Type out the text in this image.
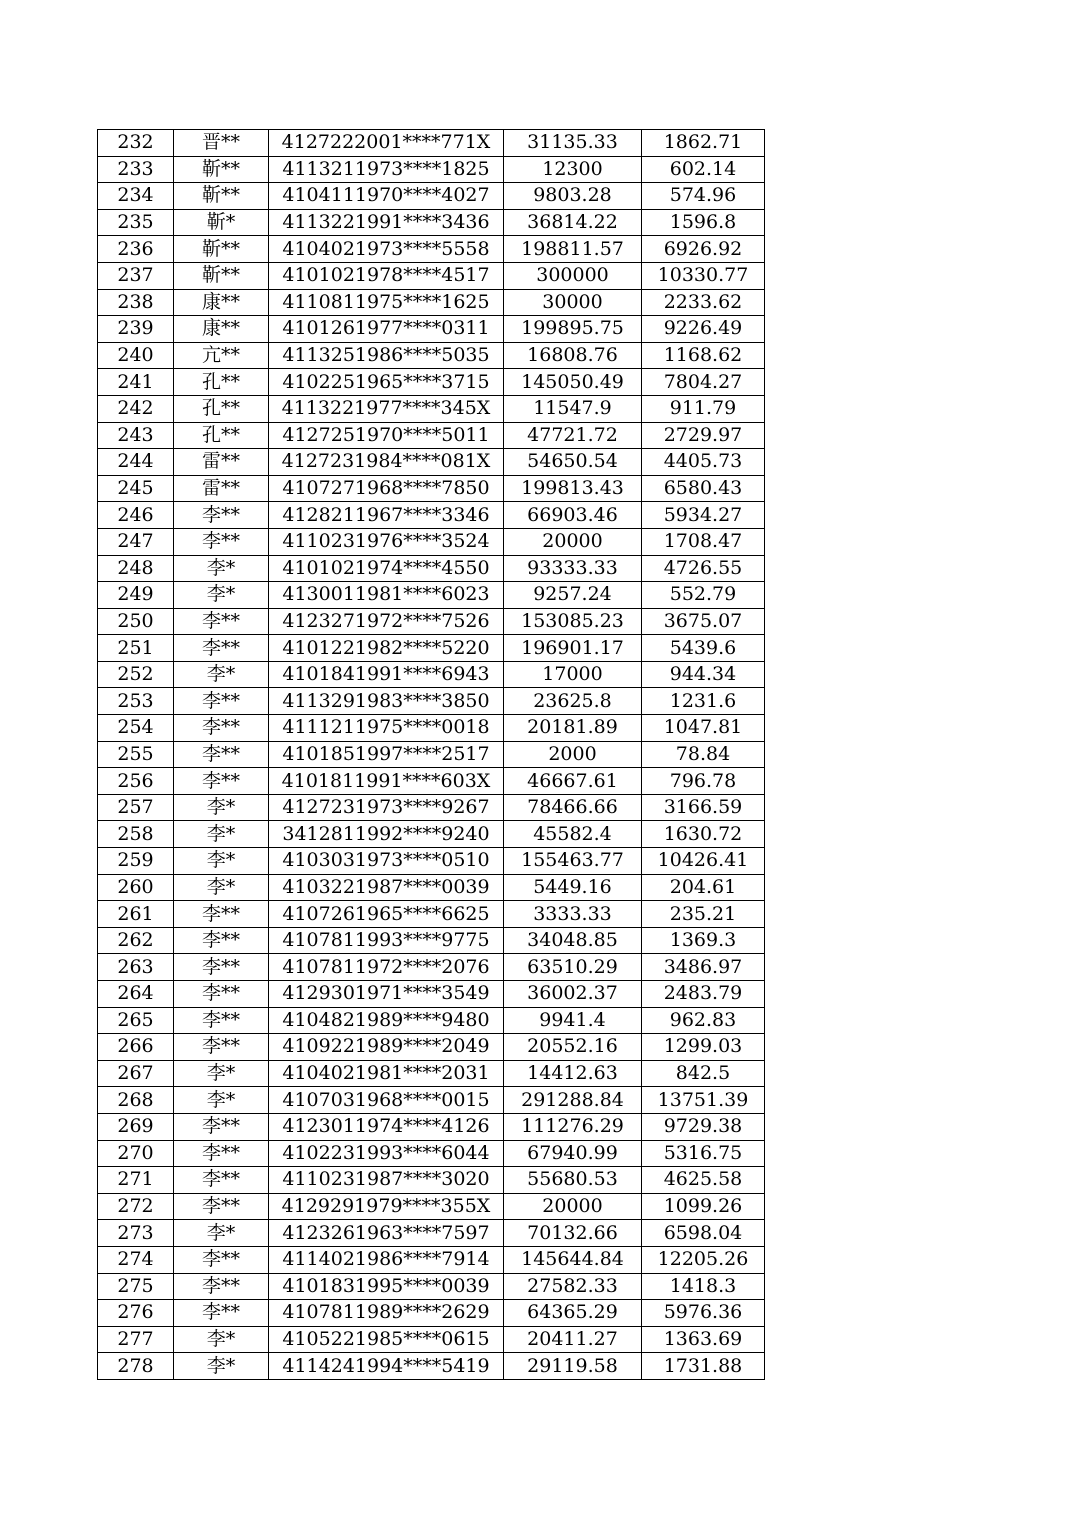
232	晋**	4127222001****771X	31135.33	1862.71
233	靳**	4113211973****1825	12300	602.14
234	靳**	4104111970****4027	9803.28	574.96
235	靳*	4113221991****3436	36814.22	1596.8
236	靳**	4104021973****5558	198811.57	6926.92
237	靳**	4101021978****4517	300000	10330.77
238	康**	4110811975****1625	30000	2233.62
239	康**	4101261977****0311	199895.75	9226.49
240	亢**	4113251986****5035	16808.76	1168.62
241	孔**	4102251965****3715	145050.49	7804.27
242	孔**	4113221977****345X	11547.9	911.79
243	孔**	4127251970****5011	47721.72	2729.97
244	雷**	4127231984****081X	54650.54	4405.73
245	雷**	4107271968****7850	199813.43	6580.43
246	李**	4128211967****3346	66903.46	5934.27
247	李**	4110231976****3524	20000	1708.47
248	李*	4101021974****4550	93333.33	4726.55
249	李*	4130011981****6023	9257.24	552.79
250	李**	4123271972****7526	153085.23	3675.07
251	李**	4101221982****5220	196901.17	5439.6
252	李*	4101841991****6943	17000	944.34
253	李**	4113291983****3850	23625.8	1231.6
254	李**	4111211975****0018	20181.89	1047.81
255	李**	4101851997****2517	2000	78.84
256	李**	4101811991****603X	46667.61	796.78
257	李*	4127231973****9267	78466.66	3166.59
258	李*	3412811992****9240	45582.4	1630.72
259	李*	4103031973****0510	155463.77	10426.41
260	李*	4103221987****0039	5449.16	204.61
261	李**	4107261965****6625	3333.33	235.21
262	李**	4107811993****9775	34048.85	1369.3
263	李**	4107811972****2076	63510.29	3486.97
264	李**	4129301971****3549	36002.37	2483.79
265	李**	4104821989****9480	9941.4	962.83
266	李**	4109221989****2049	20552.16	1299.03
267	李*	4104021981****2031	14412.63	842.5
268	李*	4107031968****0015	291288.84	13751.39
269	李**	4123011974****4126	111276.29	9729.38
270	李**	4102231993****6044	67940.99	5316.75
271	李**	4110231987****3020	55680.53	4625.58
272	李**	4129291979****355X	20000	1099.26
273	李*	4123261963****7597	70132.66	6598.04
274	李**	4114021986****7914	145644.84	12205.26
275	李**	4101831995****0039	27582.33	1418.3
276	李**	4107811989****2629	64365.29	5976.36
277	李*	4105221985****0615	20411.27	1363.69
278	李*	4114241994****5419	29119.58	1731.88
